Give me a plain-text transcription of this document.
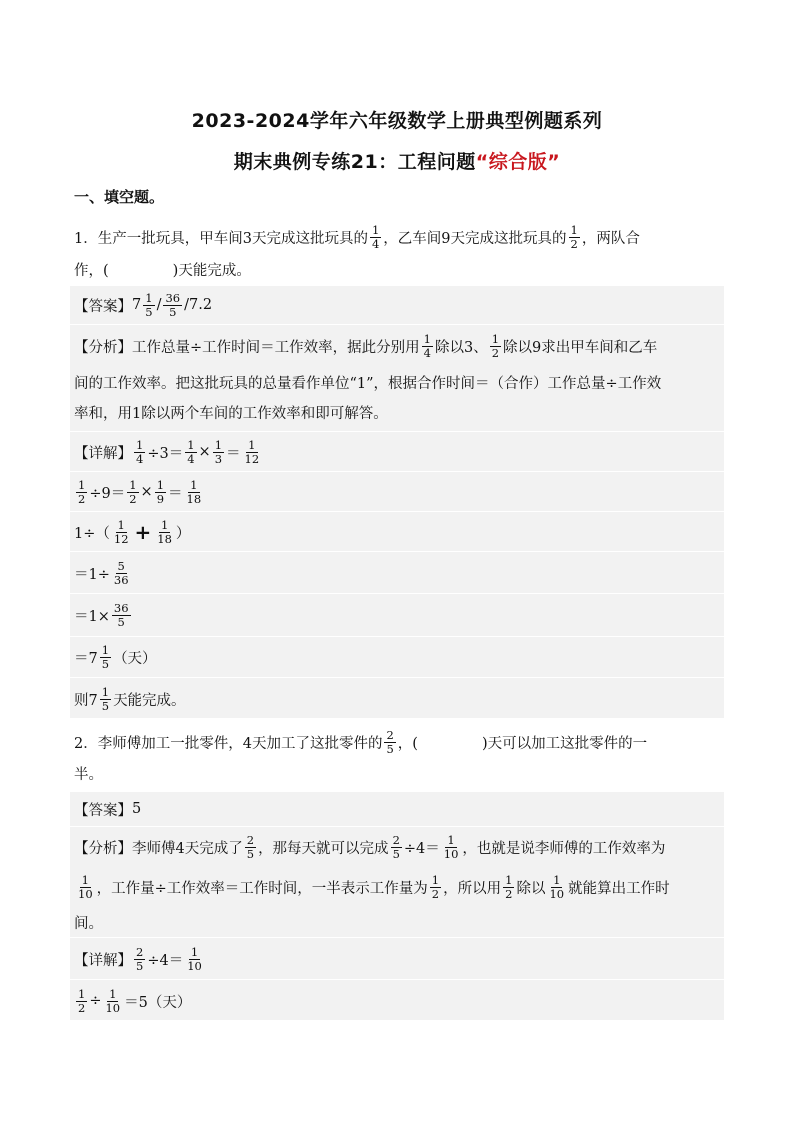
2023-2024学年六年级数学上册典型例题系列
期末典例专练21：工程问题“综合版”
一、填空题。
1．生产一批玩具，甲车间3天完成这批玩具的 $\frac{1}{4}$ ，乙车间9天完成这批玩具的 $\frac{1}{2}$ ，两队合
作，(	)天能完成。
【答案】 $7 \frac{1}{5} / \frac{36}{5} /7.2$
【分析】 工作总量÷工作时间＝工作效率，据此分别用 $\frac{1}{4}$ 除以3、 $\frac{1}{2}$ 除以9求出甲车间和乙车
间的工作效率。把这批玩具的总量看作单位“1”，根据合作时间＝（合作）工作总量÷工作效
率和，用1除以两个车间的工作效率和即可解答。
【详解】 $\frac{1}{4} \div 3= \frac{1}{4} \times \frac{1}{3} = \frac{1}{12}$
$\frac{1}{2} \div 9= \frac{1}{2} \times \frac{1}{9} = \frac{1}{18}$
$1\div( \frac{1}{12} + \frac{1}{18}$ ）
$=1\div \frac{5}{36}$
$=1\times \frac{36}{5}$
$=7 \frac{1}{5}$ （天）
则$7 \frac{1}{5}$ 天能完成。
2．李师傅加工一批零件，4天加工了这批零件的 $\frac{2}{5}$ ，(	)天可以加工这批零件的一
半。
【答案】 5
【分析】 李师傅4天完成了 $\frac{2}{5}$ ，那每天就可以完成 $\frac{2}{5} \div 4= \frac{1}{10}$ ，也就是说李师傅的工作效率为
$\frac{1}{10}$ ，工作量÷工作效率＝工作时间，一半表示工作量为 $\frac{1}{2}$ ，所以用 $\frac{1}{2}$ 除以 $\frac{1}{10}$ 就能算出工作时
间。
【详解】 $\frac{2}{5} \div 4= \frac{1}{10}$
$\frac{1}{2} \div \frac{1}{10} =5$（天）
